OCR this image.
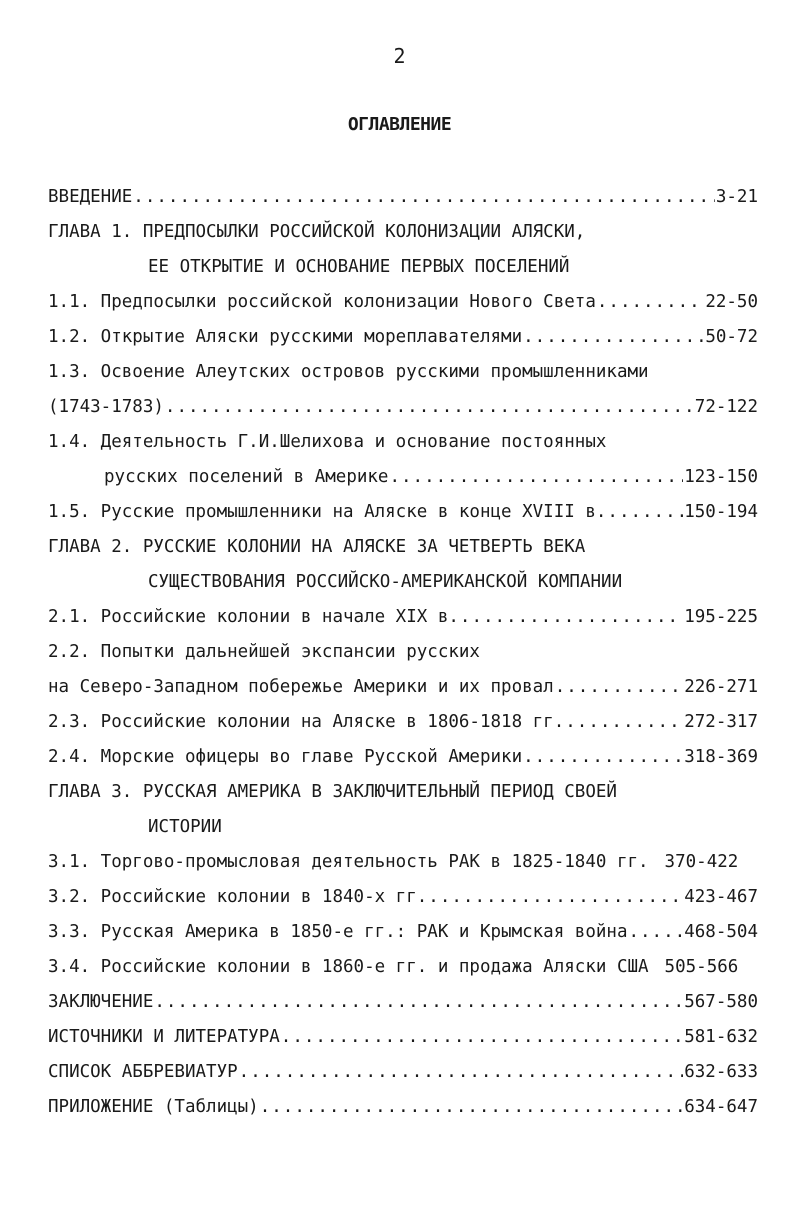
2
ОГЛАВЛЕНИЕ
ВВЕДЕНИЕ .....	3-21
ГЛАВА 1. ПРЕДПОСЫЛКИ РОССИЙСКОЙ КОЛОНИЗАЦИИ АЛЯСКИ,
ЕЕ ОТКРЫТИЕ И ОСНОВАНИЕ ПЕРВЫХ ПОСЕЛЕНИЙ
1.1. Предпосылки российской колонизации Нового Света .....	22-50
1.2. Открытие Аляски русскими мореплавателями .....	50-72
1.3. Освоение Алеутских островов русскими промышленниками
(1743-1783) .....	72-122
1.4. Деятельность Г.И.Шелихова и основание постоянных
русских поселений в Америке .....	123-150
1.5. Русские промышленники на Аляске в конце XVIII в. .....	150-194
ГЛАВА 2. РУССКИЕ КОЛОНИИ НА АЛЯСКЕ ЗА ЧЕТВЕРТЬ ВЕКА
СУЩЕСТВОВАНИЯ РОССИЙСКО-АМЕРИКАНСКОЙ КОМПАНИИ
2.1. Российские колонии в начале XIX в. .....	195-225
2.2. Попытки дальнейшей экспансии русских
на Северо-Западном побережье Америки и их провал .....	226-271
2.3. Российские колонии на Аляске в 1806-1818 гг. .....	272-317
2.4. Морские офицеры во главе Русской Америки .....	318-369
ГЛАВА 3. РУССКАЯ АМЕРИКА В ЗАКЛЮЧИТЕЛЬНЫЙ ПЕРИОД СВОЕЙ
ИСТОРИИ
3.1. Торгово-промысловая деятельность РАК в 1825-1840 гг. 370-422
3.2. Российские колонии в 1840-х гг. .....	423-467
3.3. Русская Америка в 1850-е гг.: РАК и Крымская война .....	468-504
3.4. Российские колонии в 1860-е гг. и продажа Аляски США 505-566
ЗАКЛЮЧЕНИЕ .....	567-580
ИСТОЧНИКИ И ЛИТЕРАТУРА .....	581-632
СПИСОК АББРЕВИАТУР .....	632-633
ПРИЛОЖЕНИЕ (Таблицы) .....	634-647
